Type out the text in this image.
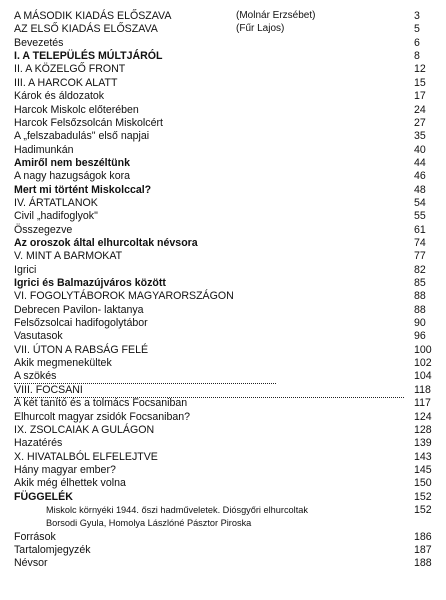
A MÁSODIK KIADÁS ELŐSZAVA	(Molnár Erzsébet)	3
AZ ELSŐ KIADÁS ELŐSZAVA	(Fűr Lajos)	5
Bevezetés	6
I. A TELEPÜLÉS MÚLTJÁRÓL	8
II. A KÖZELGŐ FRONT	12
III. A HARCOK ALATT	15
Károk és áldozatok	17
Harcok Miskolc előterében	24
Harcok Felsőzsolcán Miskolcért	27
A „felszabadulás" első napjai	35
Hadimunkán	40
Amiről nem beszéltünk	44
A nagy hazugságok kora	46
Mert mi történt Miskolccal?	48
IV. ÁRTATLANOK	54
Civil „hadifoglyok"	55
Összegezve	61
Az oroszok által elhurcoltak névsora	74
V. MINT A BARMOKAT	77
Igrici	82
Igrici és Balmazújváros között	85
VI. FOGOLYTÁBOROK MAGYARORSZÁGON	88
Debrecen Pavilon- laktanya	88
Felsőzsolcai hadifogolytábor	90
Vasutasok	96
VII. ÚTON A RABSÁG FELÉ	100
Akik megmenekültek	102
A szökés	104
VIII. FOCSANI	118
A két tanító és a tolmács Focsaniban	117
Elhurcolt magyar zsidók Focsaniban?	124
IX. ZSOLCAIAK A GULÁGON	128
Hazatérés	139
X. HIVATALBÓL ELFELEJTVE	143
Hány magyar ember?	145
Akik még élhettek volna	150
FÜGGELÉK	152
Miskolc környéki 1944. őszi hadműveletek. Diósgyőri elhurcoltak	152
Borsodi Gyula, Homolya Lászlóné Pásztor Piroska
Források	186
Tartalomjegyzék	187
Névsor	188
